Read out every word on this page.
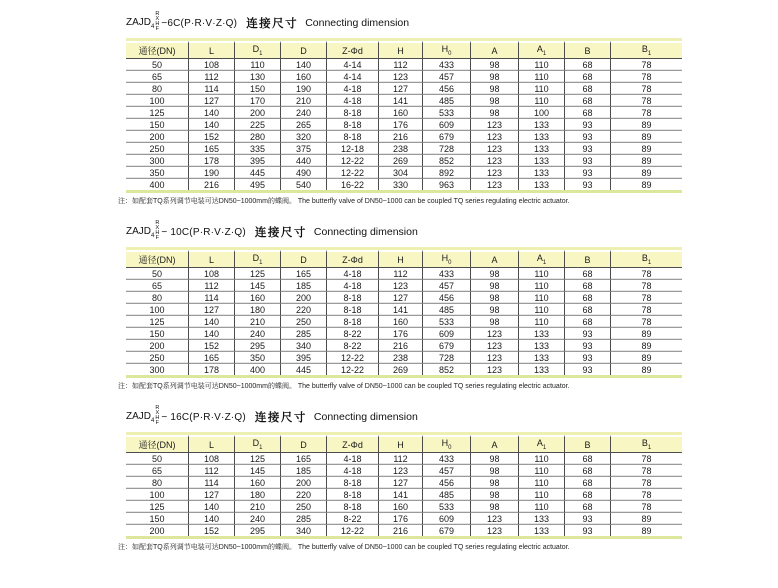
$ZAJD_4$
R
X
H
F
−6C(P·R·V·Z·Q) 连接尺寸 Connecting dimension
通径(DN)	L	$D_1$	D	Z-Φd	H	$H_0$	A	$A_1$	B	$B_1$
50	108	110	140	4-14	112	433	98	110	68	78
65	112	130	160	4-14	123	457	98	110	68	78
80	114	150	190	4-18	127	456	98	110	68	78
100	127	170	210	4-18	141	485	98	110	68	78
125	140	200	240	8-18	160	533	98	100	68	78
150	140	225	265	8-18	176	609	123	133	93	89
200	152	280	320	8-18	216	679	123	133	93	89
250	165	335	375	12-18	238	728	123	133	93	89
300	178	395	440	12-22	269	852	123	133	93	89
350	190	445	490	12-22	304	892	123	133	93	89
400	216	495	540	16-22	330	963	123	133	93	89
注：如配套TQ系列调节电装可达DN50~1000mm的蝶阀。 The butterfly valve of DN50~1000 can be coupled TQ series regulating electric actuator.
$ZAJD_4$
R
X
H
F
− 10C(P·R·V·Z·Q) 连接尺寸 Connecting dimension
通径(DN)	L	$D_1$	D	Z-Φd	H	$H_0$	A	$A_1$	B	$B_1$
50	108	125	165	4-18	112	433	98	110	68	78
65	112	145	185	4-18	123	457	98	110	68	78
80	114	160	200	8-18	127	456	98	110	68	78
100	127	180	220	8-18	141	485	98	110	68	78
125	140	210	250	8-18	160	533	98	110	68	78
150	140	240	285	8-22	176	609	123	133	93	89
200	152	295	340	8-22	216	679	123	133	93	89
250	165	350	395	12-22	238	728	123	133	93	89
300	178	400	445	12-22	269	852	123	133	93	89
注：如配套TQ系列调节电装可达DN50~1000mm的蝶阀。 The butterfly valve of DN50~1000 can be coupled TQ series regulating electric actuator.
$ZAJD_4$
R
X
H
F
− 16C(P·R·V·Z·Q) 连接尺寸 Connecting dimension
通径(DN)	L	$D_1$	D	Z-Φd	H	$H_0$	A	$A_1$	B	$B_1$
50	108	125	165	4-18	112	433	98	110	68	78
65	112	145	185	4-18	123	457	98	110	68	78
80	114	160	200	8-18	127	456	98	110	68	78
100	127	180	220	8-18	141	485	98	110	68	78
125	140	210	250	8-18	160	533	98	110	68	78
150	140	240	285	8-22	176	609	123	133	93	89
200	152	295	340	12-22	216	679	123	133	93	89
注：如配套TQ系列调节电装可达DN50~1000mm的蝶阀。 The butterfly valve of DN50~1000 can be coupled TQ series regulating electric actuator.
